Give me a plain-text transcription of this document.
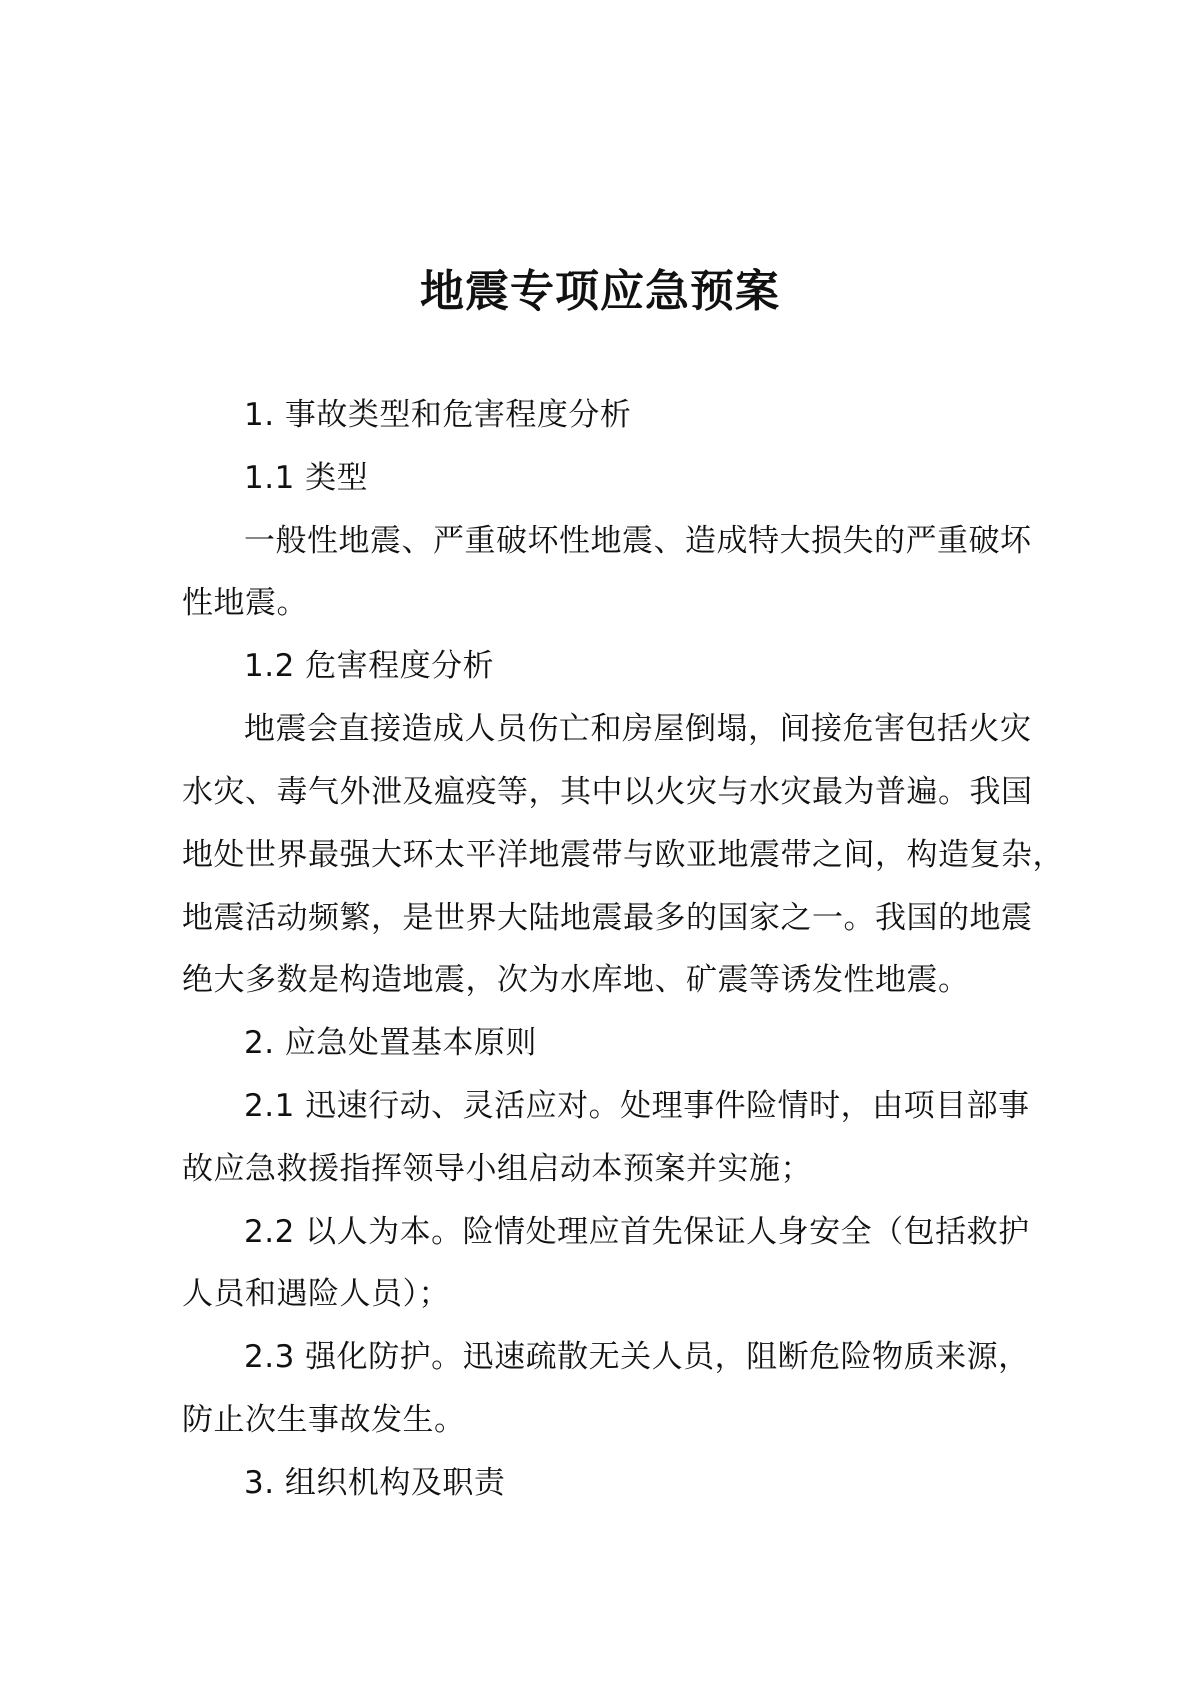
地震专项应急预案
1. 事故类型和危害程度分析
1.1 类型
一般性地震、严重破坏性地震、造成特大损失的严重破坏
性地震。
1.2 危害程度分析
地震会直接造成人员伤亡和房屋倒塌，间接危害包括火灾
水灾、毒气外泄及瘟疫等，其中以火灾与水灾最为普遍。我国
地处世界最强大环太平洋地震带与欧亚地震带之间，构造复杂，
地震活动频繁，是世界大陆地震最多的国家之一。我国的地震
绝大多数是构造地震，次为水库地、矿震等诱发性地震。
2. 应急处置基本原则
2.1 迅速行动、灵活应对。处理事件险情时，由项目部事
故应急救援指挥领导小组启动本预案并实施；
2.2 以人为本。险情处理应首先保证人身安全（包括救护
人员和遇险人员）；
2.3 强化防护。迅速疏散无关人员，阻断危险物质来源，
防止次生事故发生。
3. 组织机构及职责
